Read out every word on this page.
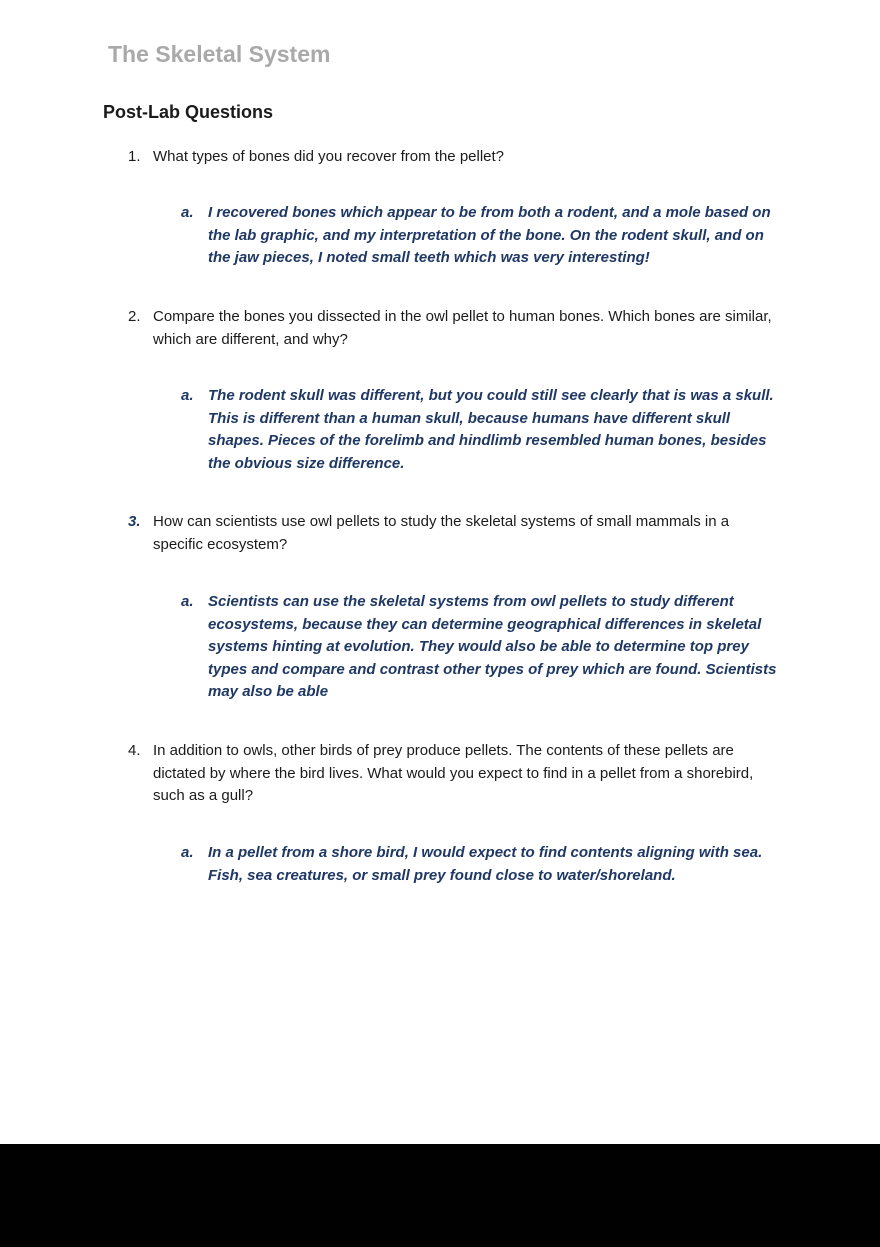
The Skeletal System
Post-Lab Questions
1. What types of bones did you recover from the pellet?

a. I recovered bones which appear to be from both a rodent, and a mole based on the lab graphic, and my interpretation of the bone. On the rodent skull, and on the jaw pieces, I noted small teeth which was very interesting!

2. Compare the bones you dissected in the owl pellet to human bones. Which bones are similar, which are different, and why?

a. The rodent skull was different, but you could still see clearly that is was a skull. This is different than a human skull, because humans have different skull shapes. Pieces of the forelimb and hindlimb resembled human bones, besides the obvious size difference.

3. How can scientists use owl pellets to study the skeletal systems of small mammals in a specific ecosystem?

a. Scientists can use the skeletal systems from owl pellets to study different ecosystems, because they can determine geographical differences in skeletal systems hinting at evolution. They would also be able to determine top prey types and compare and contrast other types of prey which are found. Scientists may also be able

4. In addition to owls, other birds of prey produce pellets. The contents of these pellets are dictated by where the bird lives. What would you expect to find in a pellet from a shorebird, such as a gull?

a. In a pellet from a shore bird, I would expect to find contents aligning with sea. Fish, sea creatures, or small prey found close to water/shoreland.
